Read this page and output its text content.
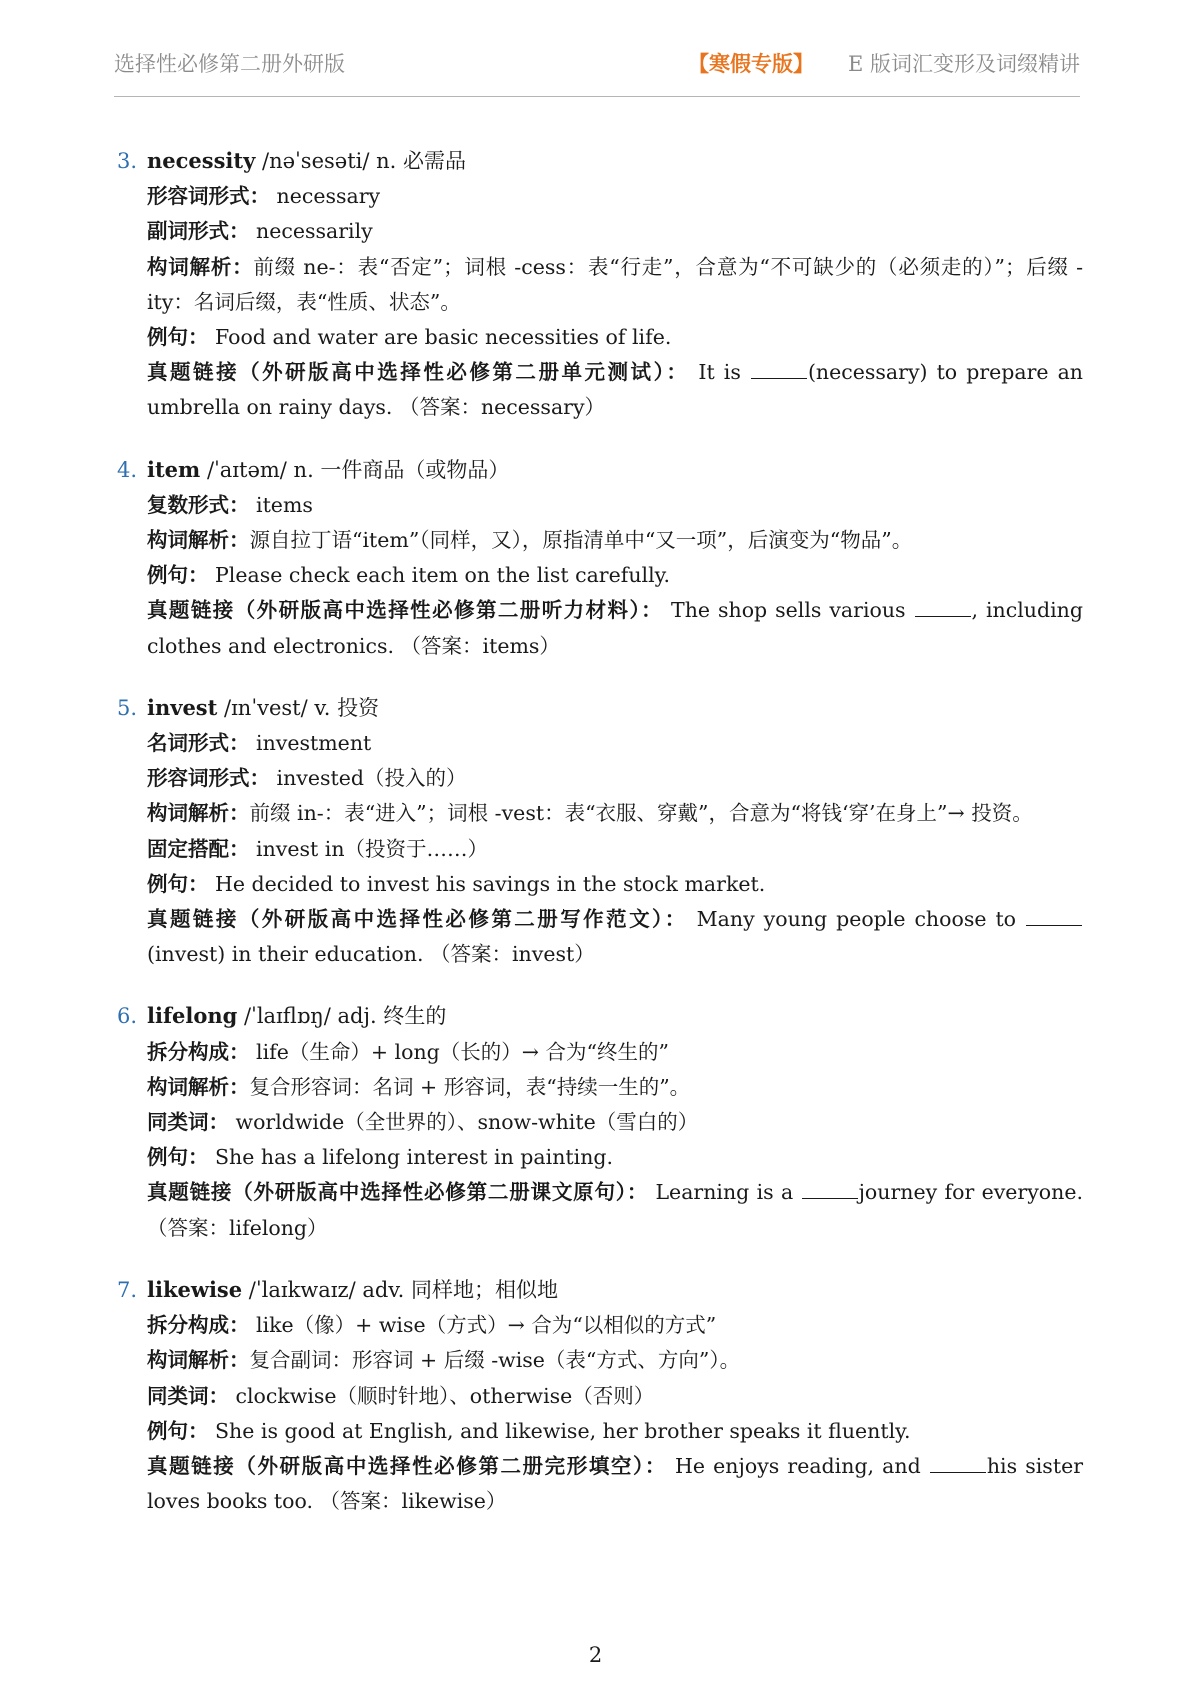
选择性必修第二册外研版	【寒假专版】 E 版词汇变形及词缀精讲
3. necessity /nəˈsesəti/ n. 必需品
形容词形式： necessary
副词形式： necessarily
构词解析：前缀 ne-：表“否定”；词根 -cess：表“行走”，合意为“不可缺少的（必须走的）”；后缀 -ity：名词后缀，表“性质、状态”。
例句： Food and water are basic necessities of life.
真题链接（外研版高中选择性必修第二册单元测试）： It is	(necessary) to prepare an umbrella on rainy days. （答案：necessary）
4. item /ˈaɪtəm/ n. 一件商品（或物品）
复数形式： items
构词解析：源自拉丁语“item”（同样，又），原指清单中“又一项”，后演变为“物品”。
例句： Please check each item on the list carefully.
真题链接（外研版高中选择性必修第二册听力材料）： The shop sells various	, including clothes and electronics. （答案：items）
5. invest /ɪnˈvest/ v. 投资
名词形式： investment
形容词形式： invested（投入的）
构词解析：前缀 in-：表“进入”；词根 -vest：表“衣服、穿戴”，合意为“将钱‘穿’在身上”→ 投资。
固定搭配： invest in（投资于……）
例句： He decided to invest his savings in the stock market.
真题链接（外研版高中选择性必修第二册写作范文）： Many young people choose to (invest) in their education. （答案：invest）
6. lifelong /ˈlaɪflɒŋ/ adj. 终生的
拆分构成： life（生命）+ long（长的）→ 合为“终生的”
构词解析：复合形容词：名词 + 形容词，表“持续一生的”。
同类词： worldwide（全世界的）、snow-white（雪白的）
例句： She has a lifelong interest in painting.
真题链接（外研版高中选择性必修第二册课文原句）： Learning is a	journey for everyone. （答案：lifelong）
7. likewise /ˈlaɪkwaɪz/ adv. 同样地；相似地
拆分构成： like（像）+ wise（方式）→ 合为“以相似的方式”
构词解析：复合副词：形容词 + 后缀 -wise（表“方式、方向”）。
同类词： clockwise（顺时针地）、otherwise（否则）
例句： She is good at English, and likewise, her brother speaks it fluently.
真题链接（外研版高中选择性必修第二册完形填空）： He enjoys reading, and	his sister loves books too. （答案：likewise）
2
